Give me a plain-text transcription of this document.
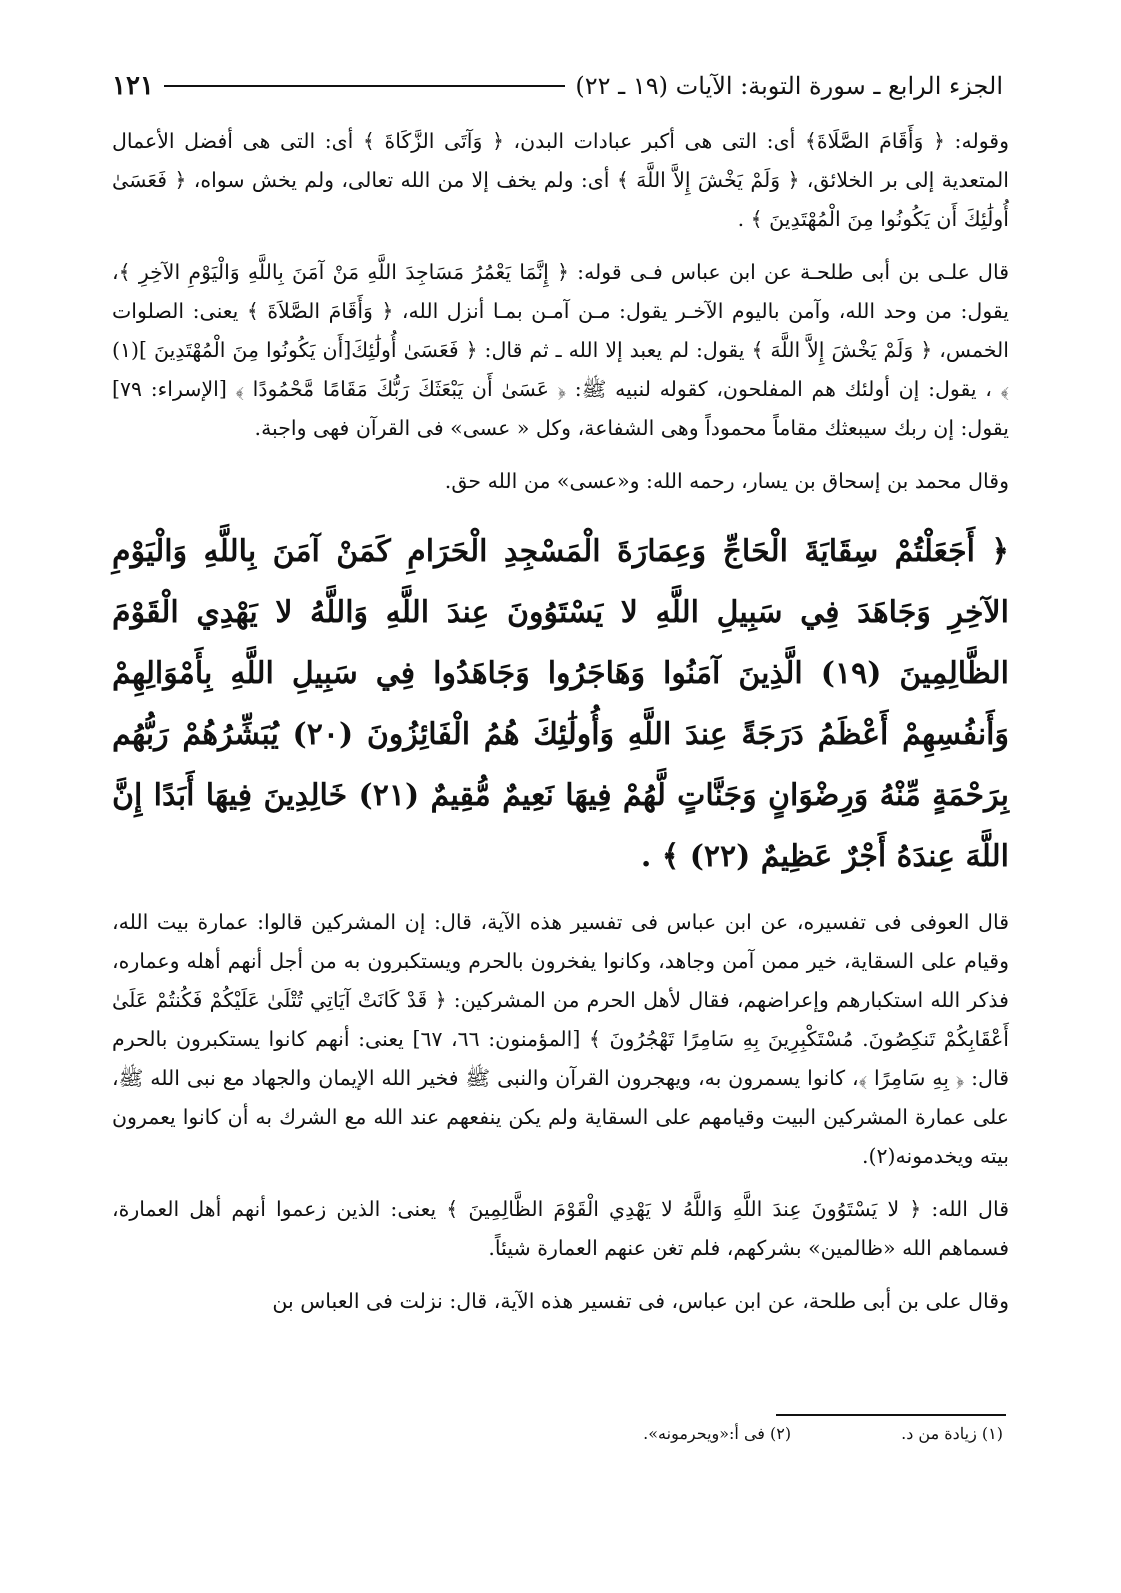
الجزء الرابع ـ سورة التوبة: الآيات (١٩ ـ ٢٢)
١٢١

وقوله: ﴿ وَأَقَامَ الصَّلَاةَ﴾ أى: التى هى أكبر عبادات البدن، ﴿ وَآتَى الزَّكَاةَ ﴾ أى: التى هى أفضل الأعمال المتعدية إلى بر الخلائق، ﴿ وَلَمْ يَخْشَ إِلاَّ اللَّهَ ﴾ أى: ولم يخف إلا من الله تعالى، ولم يخش سواه، ﴿ فَعَسَىٰ أُولَٰئِكَ أَن يَكُونُوا مِنَ الْمُهْتَدِينَ ﴾ .

قال علـى بن أبى طلحـة عن ابن عباس فـى قوله: ﴿ إِنَّمَا يَعْمُرُ مَسَاجِدَ اللَّهِ مَنْ آمَنَ بِاللَّهِ وَالْيَوْمِ الآخِرِ ﴾، يقول: من وحد الله، وآمن باليوم الآخـر يقول: مـن آمـن بمـا أنزل الله، ﴿ وَأَقَامَ الصَّلاَةَ ﴾ يعنى: الصلوات الخمس، ﴿ وَلَمْ يَخْشَ إِلاَّ اللَّهَ ﴾ يقول: لم يعبد إلا الله ـ ثم قال: ﴿ فَعَسَىٰ أُولَٰئِكَ[أَن يَكُونُوا مِنَ الْمُهْتَدِينَ ](١) ﴾ ، يقول: إن أولئك هم المفلحون، كقوله لنبيه ﷺ: ﴿ عَسَىٰ أَن يَبْعَثَكَ رَبُّكَ مَقَامًا مَّحْمُودًا ﴾ [الإسراء: ٧٩] يقول: إن ربك سيبعثك مقاماً محموداً وهى الشفاعة، وكل « عسى» فى القرآن فهى واجبة.

وقال محمد بن إسحاق بن يسار، رحمه الله: و«عسى» من الله حق.

﴿ أَجَعَلْتُمْ سِقَايَةَ الْحَاجِّ وَعِمَارَةَ الْمَسْجِدِ الْحَرَامِ كَمَنْ آمَنَ بِاللَّهِ وَالْيَوْمِ الآخِرِ وَجَاهَدَ فِي سَبِيلِ اللَّهِ لا يَسْتَوُونَ عِندَ اللَّهِ وَاللَّهُ لا يَهْدِي الْقَوْمَ الظَّالِمِينَ (١٩) الَّذِينَ آمَنُوا وَهَاجَرُوا وَجَاهَدُوا فِي سَبِيلِ اللَّهِ بِأَمْوَالِهِمْ وَأَنفُسِهِمْ أَعْظَمُ دَرَجَةً عِندَ اللَّهِ وَأُولَٰئِكَ هُمُ الْفَائِزُونَ (٢٠) يُبَشِّرُهُمْ رَبُّهُم بِرَحْمَةٍ مِّنْهُ وَرِضْوَانٍ وَجَنَّاتٍ لَّهُمْ فِيهَا نَعِيمٌ مُّقِيمٌ (٢١) خَالِدِينَ فِيهَا أَبَدًا إِنَّ اللَّهَ عِندَهُ أَجْرٌ عَظِيمٌ (٢٢) ﴾ .

قال العوفى فى تفسيره، عن ابن عباس فى تفسير هذه الآية، قال: إن المشركين قالوا: عمارة بيت الله، وقيام على السقاية، خير ممن آمن وجاهد، وكانوا يفخرون بالحرم ويستكبرون به من أجل أنهم أهله وعماره، فذكر الله استكبارهم وإعراضهم، فقال لأهل الحرم من المشركين: ﴿ قَدْ كَانَتْ آيَاتِي تُتْلَىٰ عَلَيْكُمْ فَكُنتُمْ عَلَىٰ أَعْقَابِكُمْ تَنكِصُونَ. مُسْتَكْبِرِينَ بِهِ سَامِرًا تَهْجُرُونَ ﴾ [المؤمنون: ٦٦، ٦٧] يعنى: أنهم كانوا يستكبرون بالحرم قال: ﴿ بِهِ سَامِرًا ﴾، كانوا يسمرون به، ويهجرون القرآن والنبى ﷺ فخير الله الإيمان والجهاد مع نبى الله ﷺ، على عمارة المشركين البيت وقيامهم على السقاية ولم يكن ينفعهم عند الله مع الشرك به أن كانوا يعمرون بيته ويخدمونه(٢).

قال الله: ﴿ لا يَسْتَوُونَ عِندَ اللَّهِ وَاللَّهُ لا يَهْدِي الْقَوْمَ الظَّالِمِينَ ﴾ يعنى: الذين زعموا أنهم أهل العمارة، فسماهم الله «ظالمين» بشركهم، فلم تغن عنهم العمارة شيئاً.

وقال على بن أبى طلحة، عن ابن عباس، فى تفسير هذه الآية، قال: نزلت فى العباس بن

(١) زيادة من د.
(٢) فى أ:«ويحرمونه».
